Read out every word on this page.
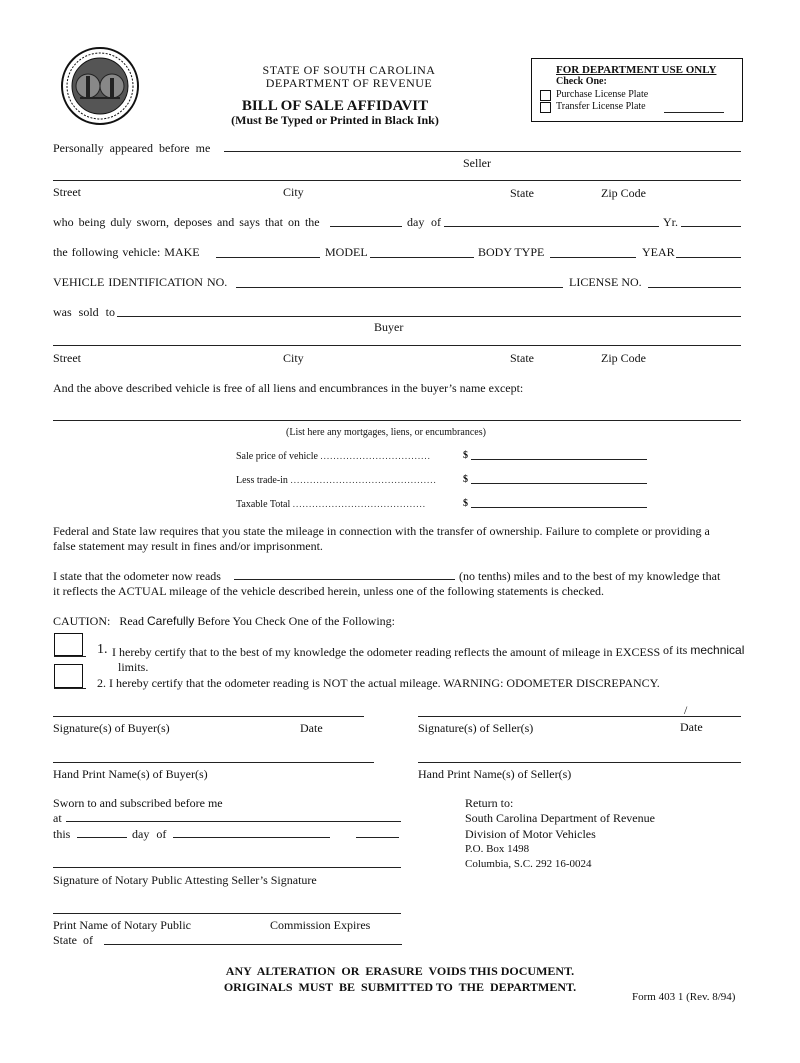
STATE OF SOUTH CAROLINA
DEPARTMENT OF REVENUE
BILL OF SALE AFFIDAVIT
(Must Be Typed or Printed in Black Ink)
FOR DEPARTMENT USE ONLY
Check One:
Purchase License Plate
Transfer License Plate
Personally appeared before me
Seller
Street	City	State	Zip Code
who being duly sworn, deposes and says that on the	day of	Yr.
the following vehicle: MAKE	MODEL	BODY TYPE	YEAR
VEHICLE IDENTIFICATION NO.	LICENSE NO.
was sold to
Buyer
Street	City	State	Zip Code
And the above described vehicle is free of all liens and encumbrances in the buyer’s name except:
(List here any mortgages, liens, or encumbrances)
Sale price of vehicle ..................................	$
Less trade-in .............................................	$
Taxable Total .........................................	$
Federal and State law requires that you state the mileage in connection with the transfer of ownership. Failure to complete or providing a
false statement may result in fines and/or imprisonment.
I state that the odometer now reads	(no tenths) miles and to the best of my knowledge that
it reflects the ACTUAL mileage of the vehicle described herein, unless one of the following statements is checked.
CAUTION: Read Carefully Before You Check One of the Following:
1. I hereby certify that to the best of my knowledge the odometer reading reflects the amount of mileage in EXCESS of its mechnical
limits.
2. I hereby certify that the odometer reading is NOT the actual mileage. WARNING: ODOMETER DISCREPANCY.
Signature(s) of Buyer(s)	Date
/
Signature(s) of Seller(s)	Date
Hand Print Name(s) of Buyer(s)	Hand Print Name(s) of Seller(s)
Sworn to and subscribed before me
at
this	day of
Signature of Notary Public Attesting Seller’s Signature
Print Name of Notary Public	Commission Expires
State of
Return to:
South Carolina Department of Revenue
Division of Motor Vehicles
P.O. Box 1498
Columbia, S.C. 292 16-0024
ANY  ALTERATION  OR  ERASURE  VOIDS THIS DOCUMENT.
ORIGINALS  MUST  BE  SUBMITTED TO  THE  DEPARTMENT.
Form 403 1 (Rev. 8/94)
